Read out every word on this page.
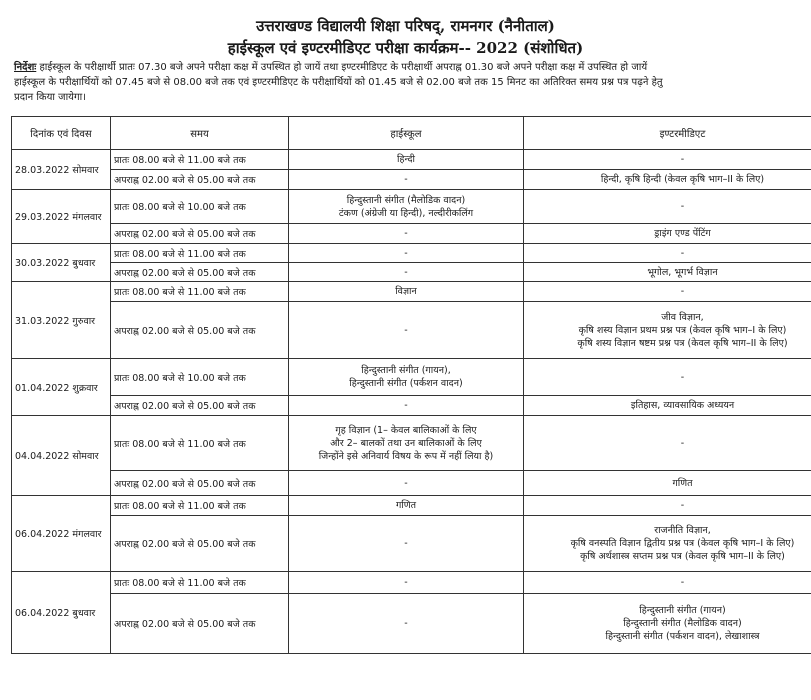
उत्तराखण्ड विद्यालयी शिक्षा परिषद्, रामनगर (नैनीताल)
हाईस्कूल एवं इण्टरमीडिएट परीक्षा कार्यक्रम-- 2022 (संशोधित)
निर्देशः हाईस्कूल के परीक्षार्थी प्रातः 07.30 बजे अपने परीक्षा कक्ष में उपस्थित हो जायें तथा इण्टरमीडिएट के परीक्षार्थी अपराह्न 01.30 बजे अपने परीक्षा कक्ष में उपस्थित हो जायें
हाईस्कूल के परीक्षार्थियों को 07.45 बजे से 08.00 बजे तक एवं इण्टरमीडिएट के परीक्षार्थियों को 01.45 बजे से 02.00 बजे तक 15 मिनट का अतिरिक्त समय प्रश्न पत्र पढ़ने हेतु
प्रदान किया जायेगा।
दिनांक एवं दिवस	समय	हाईस्कूल	इण्टरमीडिएट
28.03.2022 सोमवार	प्रातः 08.00 बजे से 11.00 बजे तक	हिन्दी	-

	अपराह्न 02.00 बजे से 05.00 बजे तक	-	हिन्दी, कृषि हिन्दी (केवल कृषि भाग–II के लिए)

29.03.2022 मंगलवार	प्रातः 08.00 बजे से 10.00 बजे तक	हिन्दुस्तानी संगीत (मैलोडिक वादन)
टंकण (अंग्रेजी या हिन्दी), नल्दीरीकलिंग	-

	अपराह्न 02.00 बजे से 05.00 बजे तक	-	ड्राइंग एण्ड पेंटिंग

30.03.2022 बुधवार	प्रातः 08.00 बजे से 11.00 बजे तक	-	-

	अपराह्न 02.00 बजे से 05.00 बजे तक	-	भूगोल, भूगर्भ विज्ञान

31.03.2022 गुरुवार	प्रातः 08.00 बजे से 11.00 बजे तक	विज्ञान	-

	अपराह्न 02.00 बजे से 05.00 बजे तक	-	जीव विज्ञान,
कृषि शस्य विज्ञान प्रथम प्रश्न पत्र (केवल कृषि भाग–I के लिए)
कृषि शस्य विज्ञान षष्टम प्रश्न पत्र (केवल कृषि भाग–II के लिए)

01.04.2022 शुक्रवार	प्रातः 08.00 बजे से 10.00 बजे तक	हिन्दुस्तानी संगीत (गायन),
हिन्दुस्तानी संगीत (पर्कशन वादन)	-

	अपराह्न 02.00 बजे से 05.00 बजे तक	-	इतिहास, व्यावसायिक अध्ययन

04.04.2022 सोमवार	प्रातः 08.00 बजे से 11.00 बजे तक	गृह विज्ञान (1– केवल बालिकाओं के लिए
और 2– बालकों तथा उन बालिकाओं के लिए
जिन्होंने इसे अनिवार्य विषय के रूप में नहीं लिया है)	-

	अपराह्न 02.00 बजे से 05.00 बजे तक	-	गणित

06.04.2022 मंगलवार	प्रातः 08.00 बजे से 11.00 बजे तक	गणित	-

	अपराह्न 02.00 बजे से 05.00 बजे तक	-	राजनीति विज्ञान,
कृषि वनस्पति विज्ञान द्वितीय प्रश्न पत्र (केवल कृषि भाग–I के लिए)
कृषि अर्थशास्त्र सप्तम प्रश्न पत्र (केवल कृषि भाग–II के लिए)

06.04.2022 बुधवार	प्रातः 08.00 बजे से 11.00 बजे तक	-	-

	अपराह्न 02.00 बजे से 05.00 बजे तक	-	हिन्दुस्तानी संगीत (गायन)
हिन्दुस्तानी संगीत (मैलोडिक वादन)
हिन्दुस्तानी संगीत (पर्कशन वादन), लेखाशास्त्र
